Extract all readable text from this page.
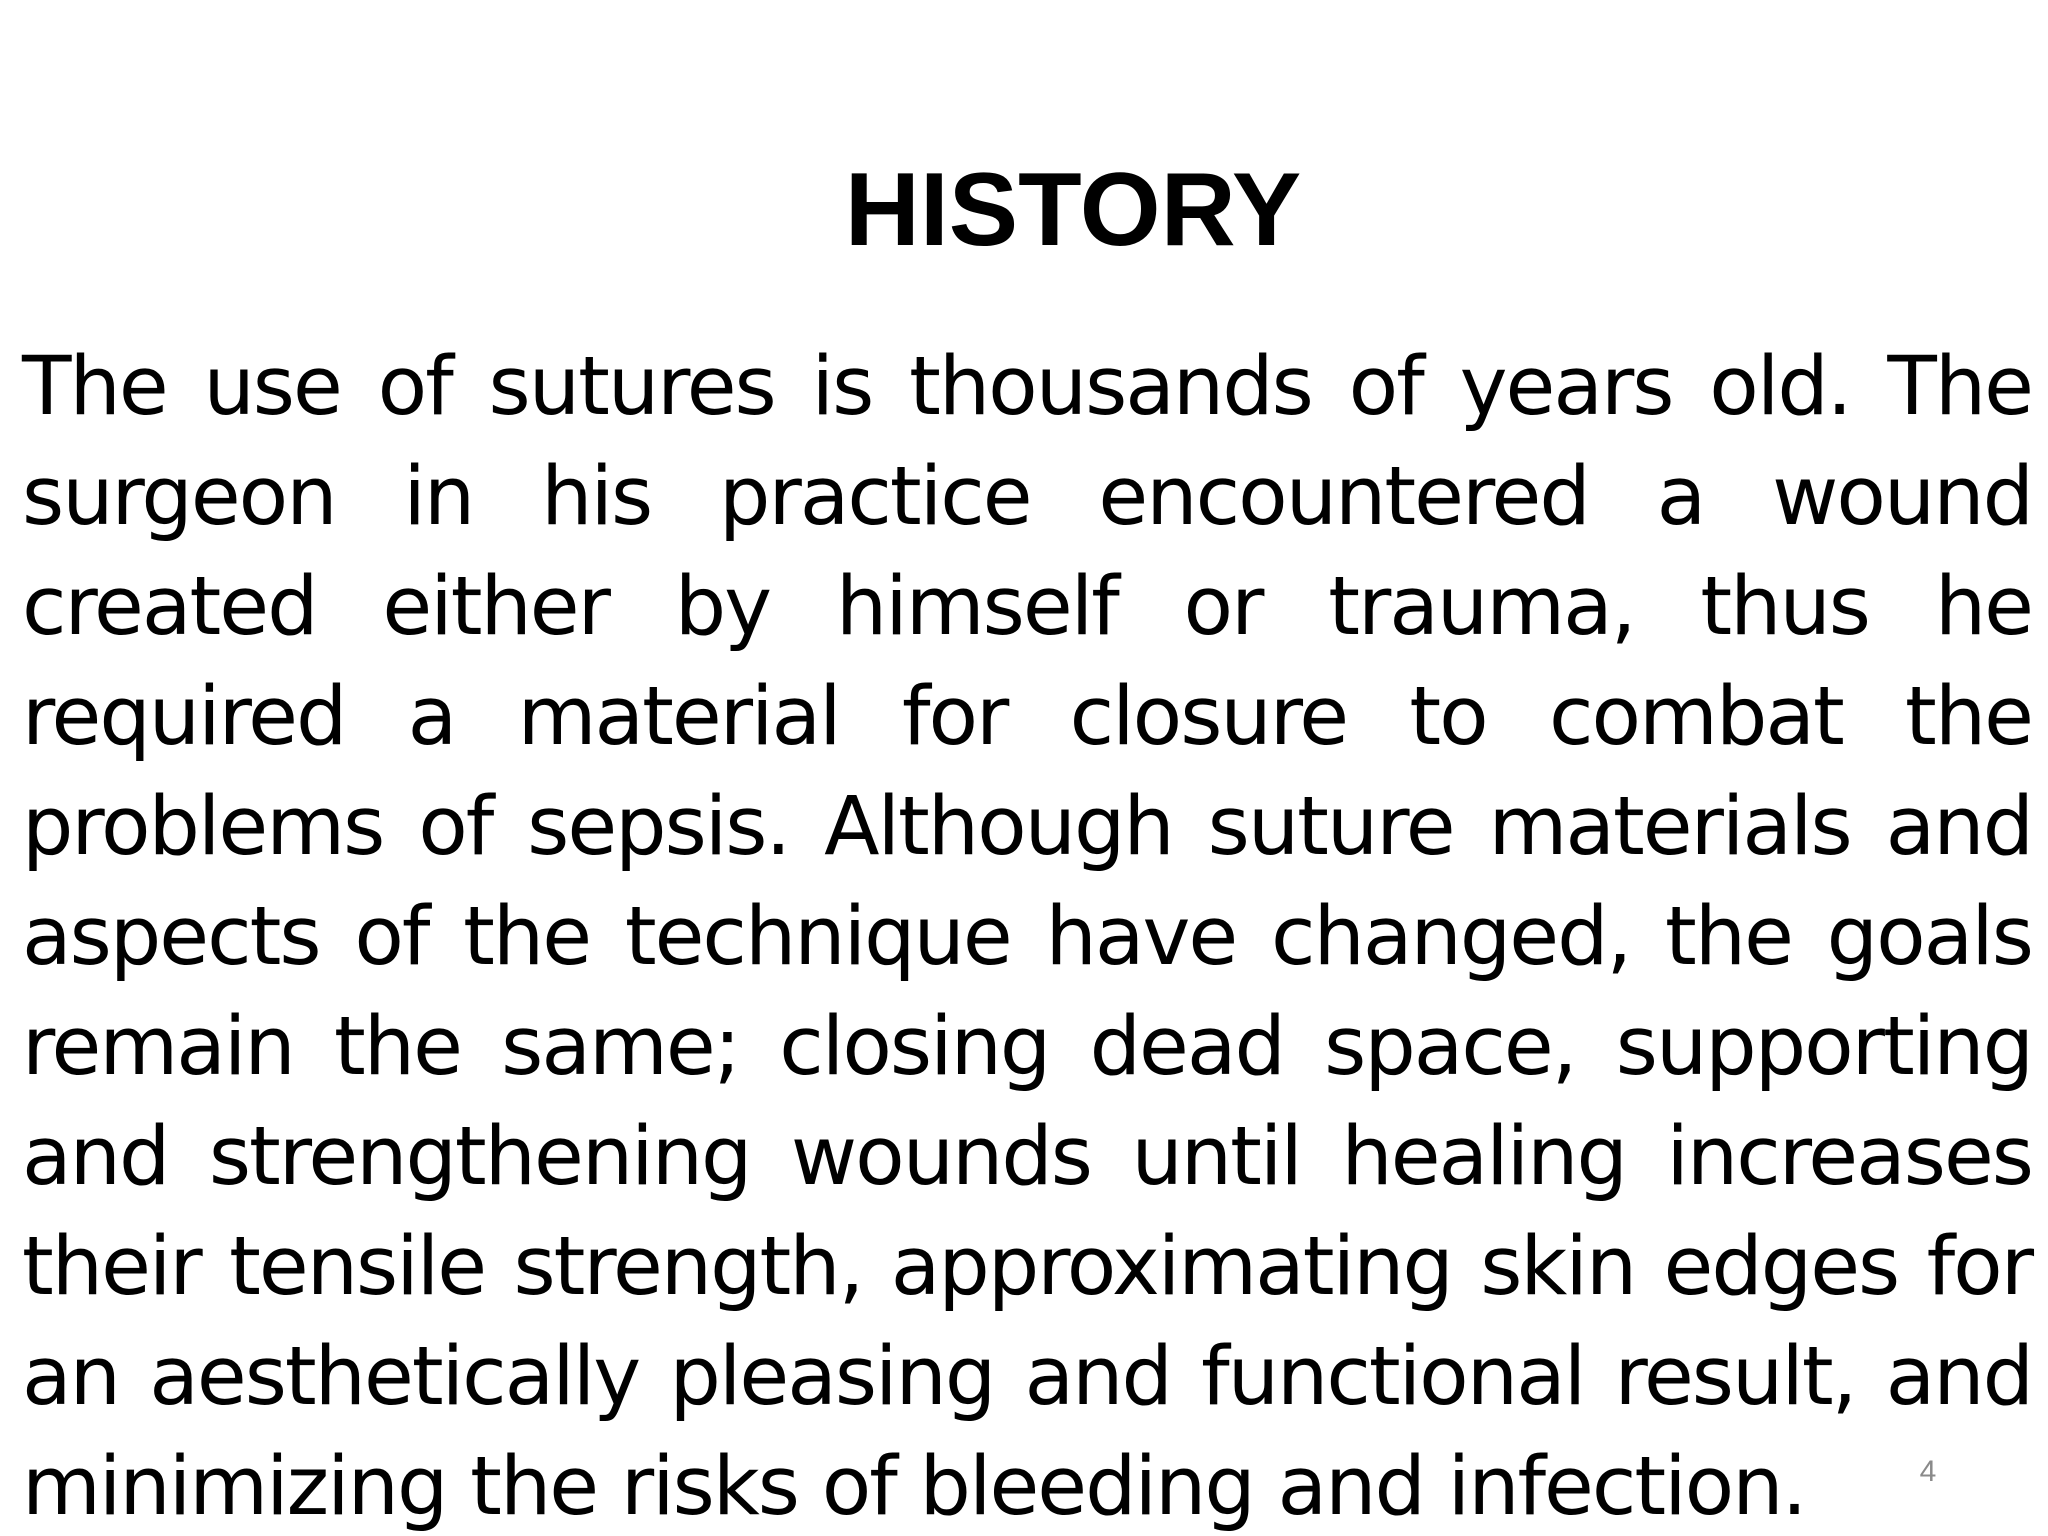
HISTORY

The use of sutures is thousands of years old. The surgeon in his practice encountered a wound created either by himself or trauma, thus he required a material for closure to combat the problems of sepsis. Although suture materials and aspects of the technique have changed, the goals remain the same; closing dead space, supporting and strengthening wounds until healing increases their tensile strength, approximating skin edges for an aesthetically pleasing and functional result, and minimizing the risks of bleeding and infection.	4
